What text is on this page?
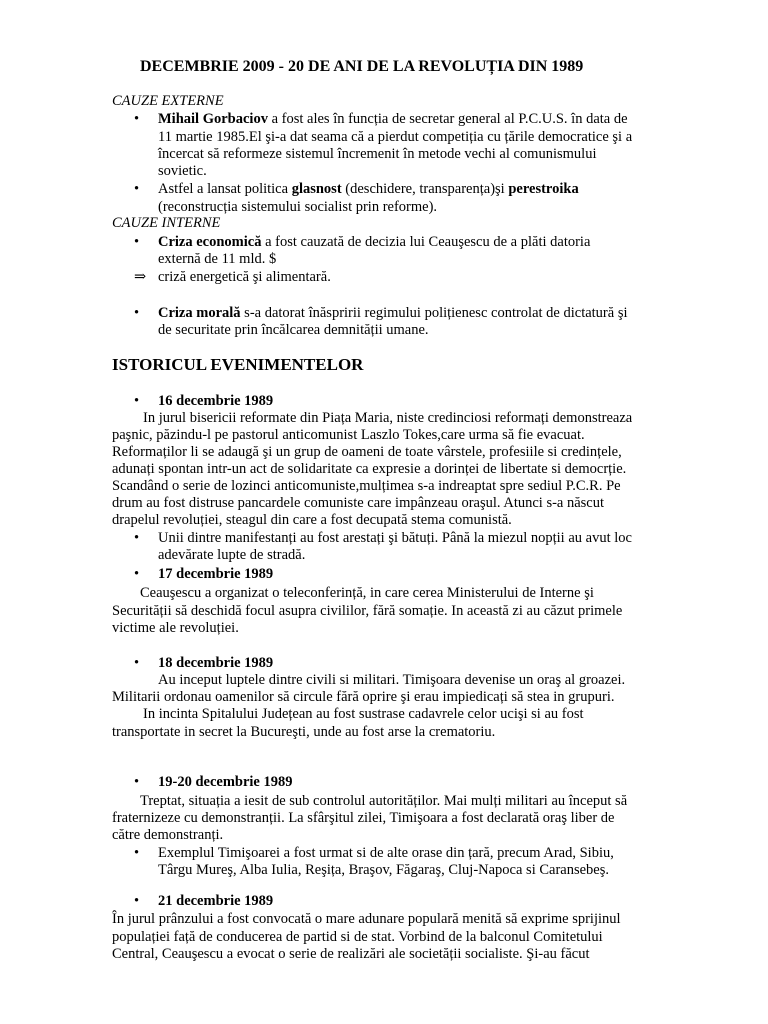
DECEMBRIE 2009 - 20 DE ANI DE LA REVOLUȚIA DIN 1989
CAUZE EXTERNE
• Mihail Gorbaciov a fost ales în funcția de secretar general al P.C.U.S. în data de
11 martie 1985.El şi-a dat seama că a pierdut competiția cu țările democratice şi a
încercat să reformeze sistemul încremenit în metode vechi al comunismului
sovietic.
• Astfel a lansat politica glasnost (deschidere, transparența)şi perestroika
(reconstrucția sistemului socialist prin reforme).
CAUZE INTERNE
• Criza economică a fost cauzată de decizia lui Ceauşescu de a plăti datoria
externă de 11 mld. $
⇒ criză energetică şi alimentară.
• Criza morală s-a datorat înăspririi regimului polițienesc controlat de dictatură şi
de securitate prin încălcarea demnității umane.
ISTORICUL EVENIMENTELOR
• 16 decembrie 1989
In jurul bisericii reformate din Piața Maria, niste credinciosi reformați demonstreaza
paşnic, păzindu-l pe pastorul anticomunist Laszlo Tokes,care urma să fie evacuat.
Reformaților li se adaugă şi un grup de oameni de toate vârstele, profesiile si credințele,
adunați spontan intr-un act de solidaritate ca expresie a dorinței de libertate si democrție.
Scandând o serie de lozinci anticomuniste,mulțimea s-a indreaptat spre sediul P.C.R. Pe
drum au fost distruse pancardele comuniste care impânzeau oraşul. Atunci s-a născut
drapelul revoluției, steagul din care a fost decupată stema comunistă.
• Unii dintre manifestanți au fost arestați şi bătuți. Până la miezul nopții au avut loc
adevărate lupte de stradă.
• 17 decembrie 1989
Ceauşescu a organizat o teleconferință, in care cerea Ministerului de Interne şi
Securității să deschidă focul asupra civililor, fără somație. In această zi au căzut primele
victime ale revoluției.
• 18 decembrie 1989
Au inceput luptele dintre civili si militari. Timişoara devenise un oraş al groazei.
Militarii ordonau oamenilor să circule fără oprire şi erau impiedicați să stea in grupuri.
In incinta Spitalului Județean au fost sustrase cadavrele celor ucişi si au fost
transportate in secret la Bucureşti, unde au fost arse la crematoriu.
• 19-20 decembrie 1989
Treptat, situația a iesit de sub controlul autorităților. Mai mulți militari au început să
fraternizeze cu demonstranții. La sfârşitul zilei, Timişoara a fost declarată oraş liber de
către demonstranți.
• Exemplul Timişoarei a fost urmat si de alte orase din țară, precum Arad, Sibiu,
Târgu Mureş, Alba Iulia, Reşița, Braşov, Făgaraş, Cluj-Napoca si Caransebeş.
• 21 decembrie 1989
În jurul prânzului a fost convocată o mare adunare populară menită să exprime sprijinul
populației față de conducerea de partid si de stat. Vorbind de la balconul Comitetului
Central, Ceauşescu a evocat o serie de realizări ale societății socialiste. Şi-au făcut
